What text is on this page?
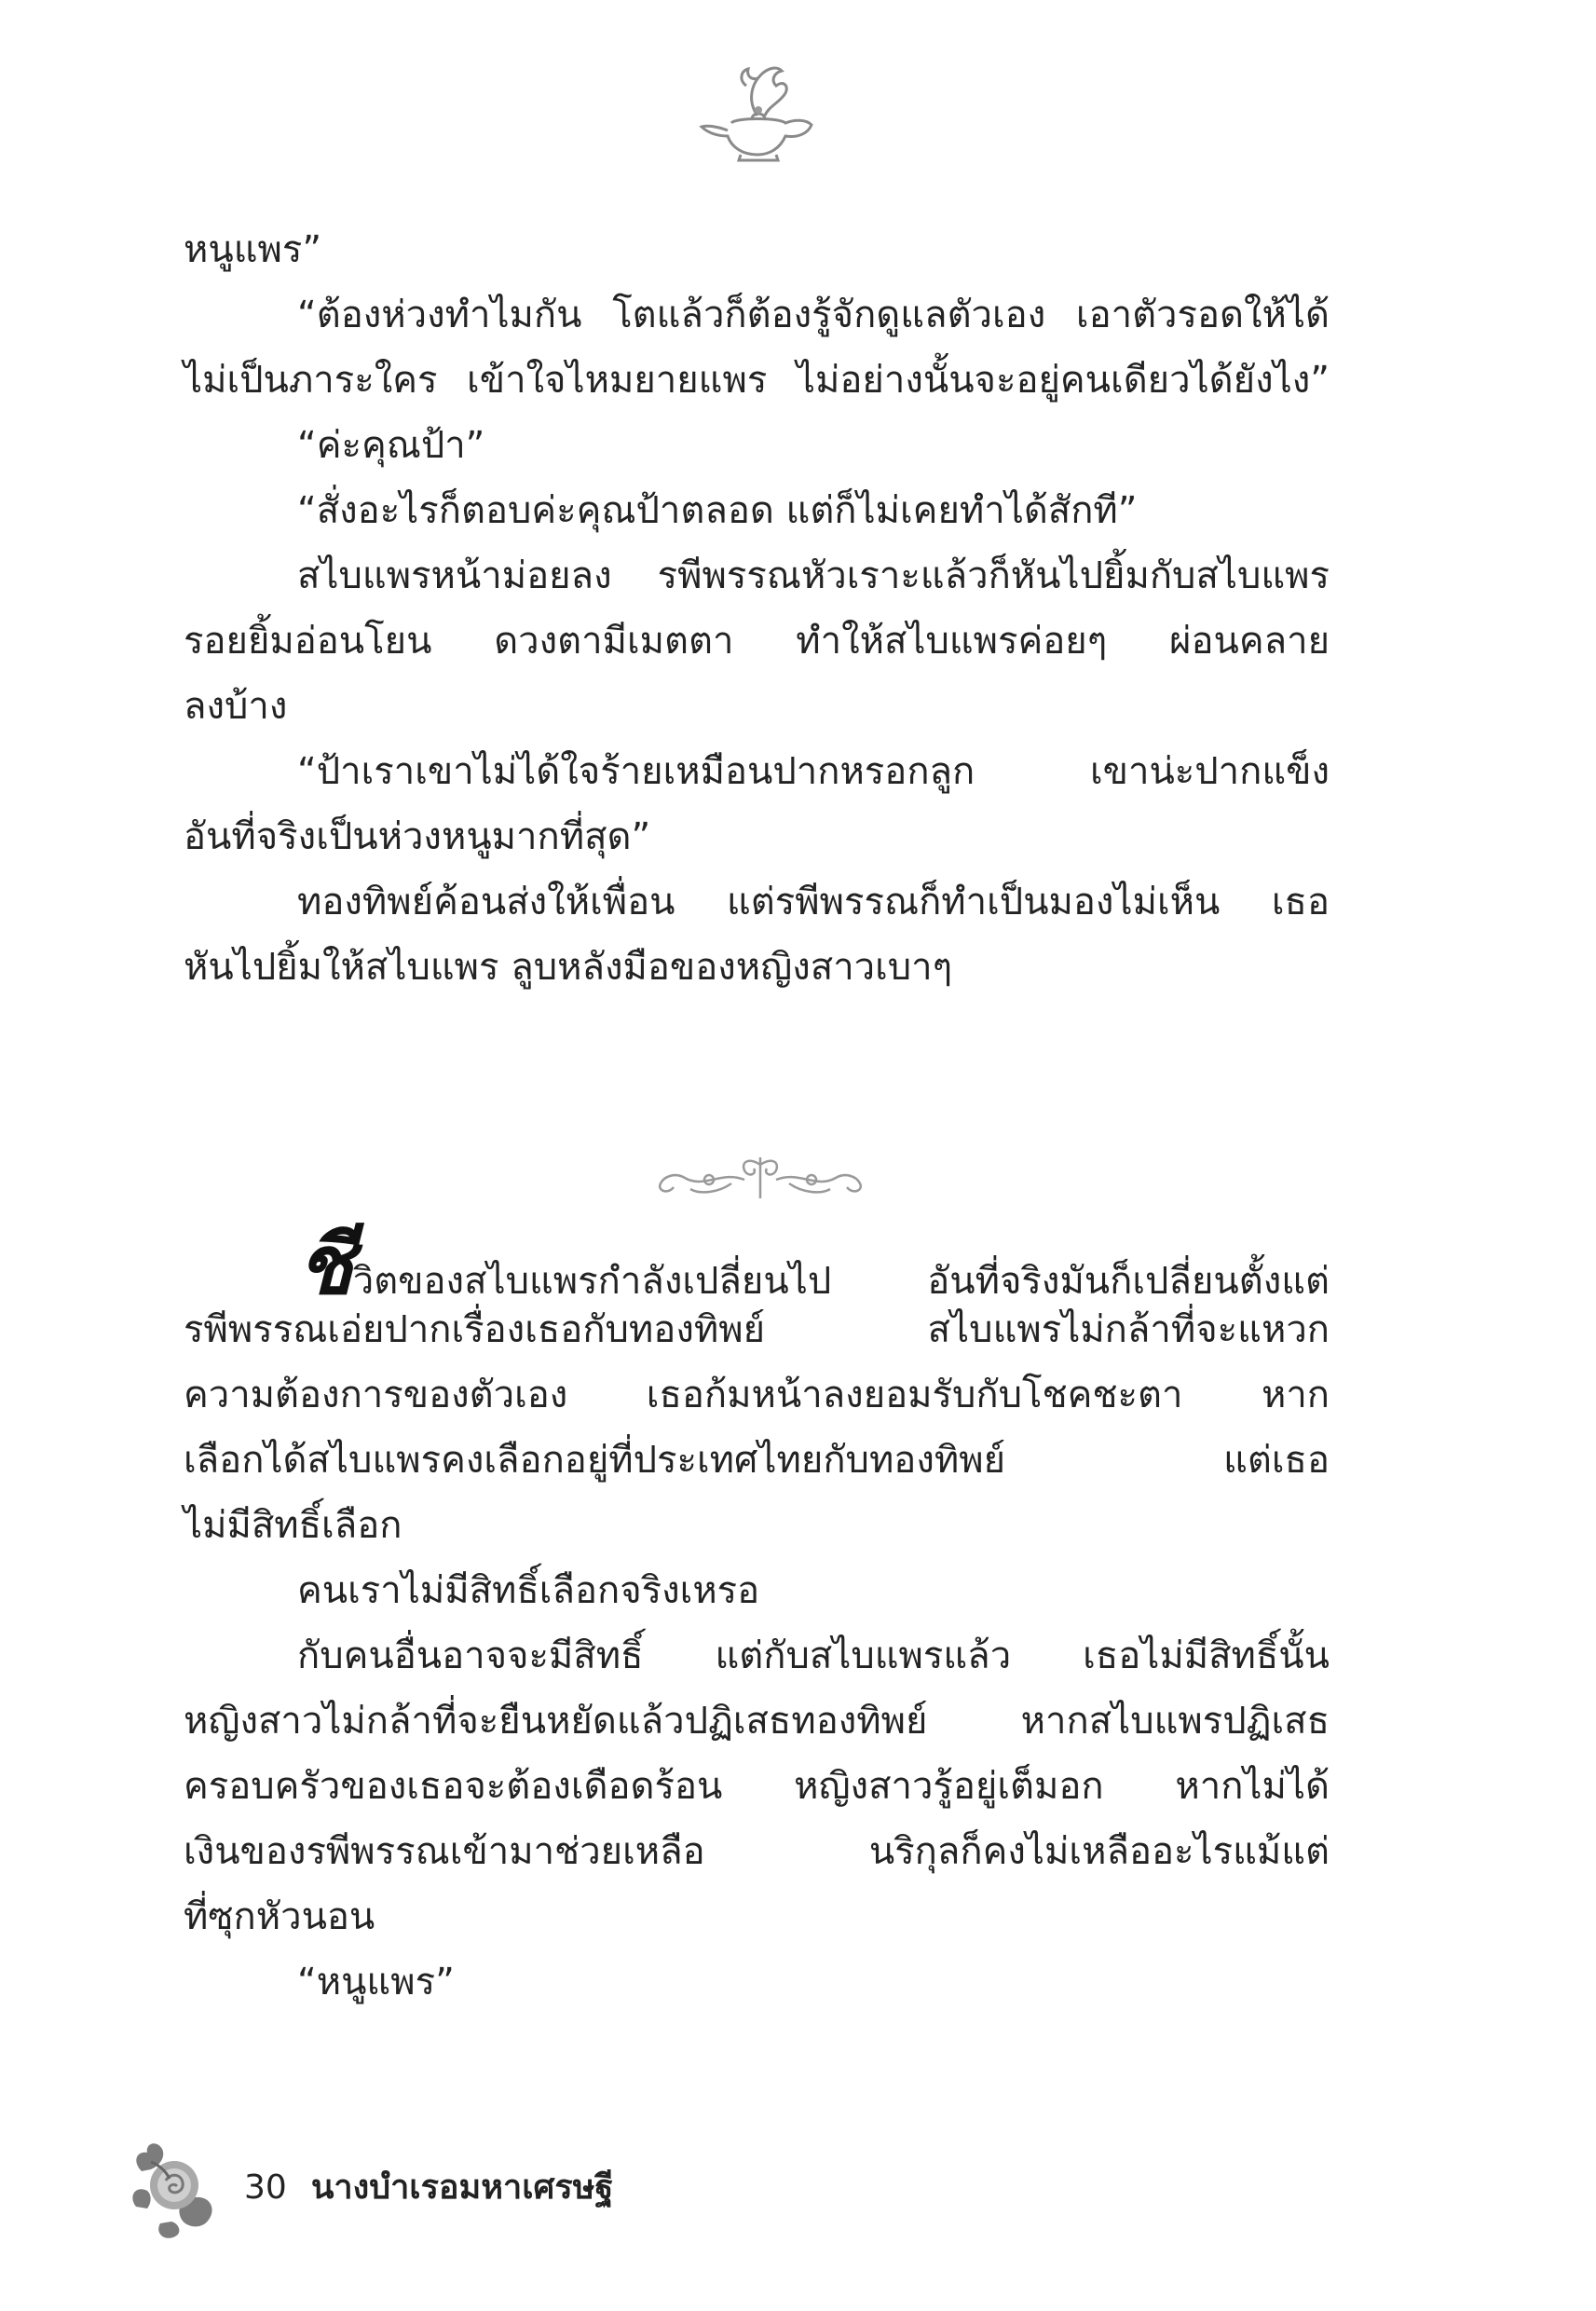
หนูแพร”
“ต้องห่วงทำไมกัน โตแล้วก็ต้องรู้จักดูแลตัวเอง เอาตัวรอดให้ได้
ไม่เป็นภาระใคร เข้าใจไหมยายแพร ไม่อย่างนั้นจะอยู่คนเดียวได้ยังไง”
“ค่ะคุณป้า”
“สั่งอะไรก็ตอบค่ะคุณป้าตลอด แต่ก็ไม่เคยทำได้สักที”
สไบแพรหน้าม่อยลง รพีพรรณหัวเราะแล้วก็หันไปยิ้มกับสไบแพร
รอยยิ้มอ่อนโยน ดวงตามีเมตตา ทำให้สไบแพรค่อยๆ ผ่อนคลาย
ลงบ้าง
“ป้าเราเขาไม่ได้ใจร้ายเหมือนปากหรอกลูก เขาน่ะปากแข็ง
อันที่จริงเป็นห่วงหนูมากที่สุด”
ทองทิพย์ค้อนส่งให้เพื่อน แต่รพีพรรณก็ทำเป็นมองไม่เห็น เธอ
หันไปยิ้มให้สไบแพร ลูบหลังมือของหญิงสาวเบาๆ
ชีวิตของสไบแพรกำลังเปลี่ยนไป อันที่จริงมันก็เปลี่ยนตั้งแต่
รพีพรรณเอ่ยปากเรื่องเธอกับทองทิพย์ สไบแพรไม่กล้าที่จะแหวก
ความต้องการของตัวเอง เธอก้มหน้าลงยอมรับกับโชคชะตา หาก
เลือกได้สไบแพรคงเลือกอยู่ที่ประเทศไทยกับทองทิพย์ แต่เธอ
ไม่มีสิทธิ์เลือก
คนเราไม่มีสิทธิ์เลือกจริงเหรอ
กับคนอื่นอาจจะมีสิทธิ์ แต่กับสไบแพรแล้ว เธอไม่มีสิทธิ์นั้น
หญิงสาวไม่กล้าที่จะยืนหยัดแล้วปฏิเสธทองทิพย์ หากสไบแพรปฏิเสธ
ครอบครัวของเธอจะต้องเดือดร้อน หญิงสาวรู้อยู่เต็มอก หากไม่ได้
เงินของรพีพรรณเข้ามาช่วยเหลือ นริกุลก็คงไม่เหลืออะไรแม้แต่
ที่ซุกหัวนอน
“หนูแพร”
30 นางบำเรอมหาเศรษฐี
